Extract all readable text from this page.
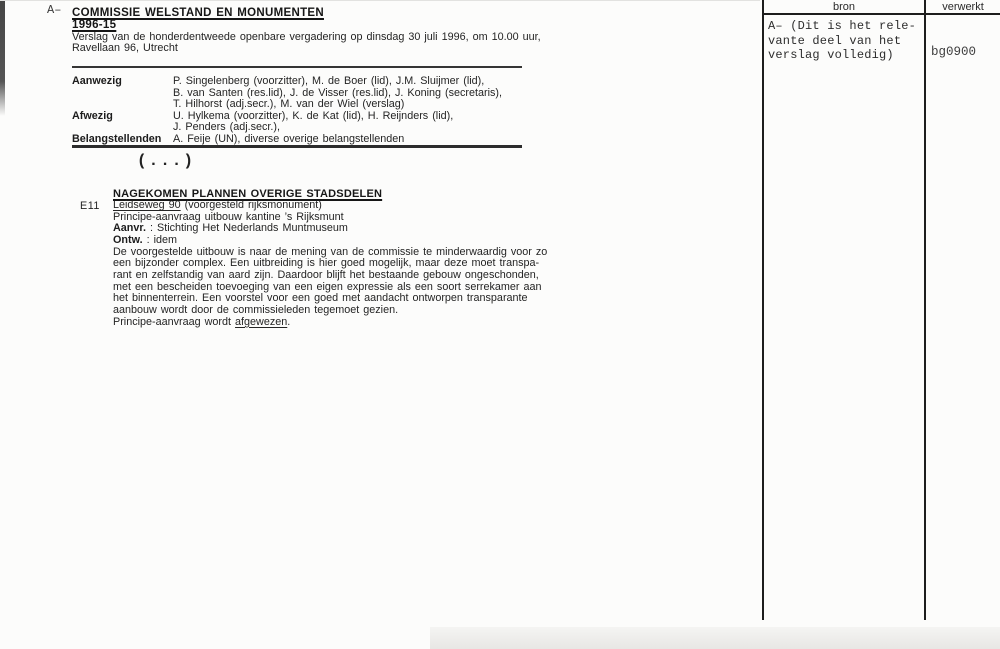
A– COMMISSIE WELSTAND EN MONUMENTEN
1996-15
Verslag van de honderdentweede openbare vergadering op dinsdag 30 juli 1996, om 10.00 uur,
Ravellaan 96, Utrecht
Aanwezig	P. Singelenberg (voorzitter), M. de Boer (lid), J.M. Sluijmer (lid),
B. van Santen (res.lid), J. de Visser (res.lid), J. Koning (secretaris),
T. Hilhorst (adj.secr.), M. van der Wiel (verslag)
Afwezig	U. Hylkema (voorzitter), K. de Kat (lid), H. Reijnders (lid),
J. Penders (adj.secr.),
Belangstellenden	A. Feije (UN), diverse overige belangstellenden
(...)
NAGEKOMEN PLANNEN OVERIGE STADSDELEN
E11 Leidseweg 90 (voorgesteld rijksmonument)
Principe-aanvraag uitbouw kantine ’s Rijksmunt
Aanvr. : Stichting Het Nederlands Muntmuseum
Ontw. : idem
De voorgestelde uitbouw is naar de mening van de commissie te minderwaardig voor zo
een bijzonder complex. Een uitbreiding is hier goed mogelijk, maar deze moet transpa-
rant en zelfstandig van aard zijn. Daardoor blijft het bestaande gebouw ongeschonden,
met een bescheiden toevoeging van een eigen expressie als een soort serrekamer aan
het binnenterrein. Een voorstel voor een goed met aandacht ontworpen transparante
aanbouw wordt door de commissieleden tegemoet gezien.
Principe-aanvraag wordt afgewezen.
bron	verwerkt
A– (Dit is het rele-
vante deel van het
verslag volledig)	bg0900
